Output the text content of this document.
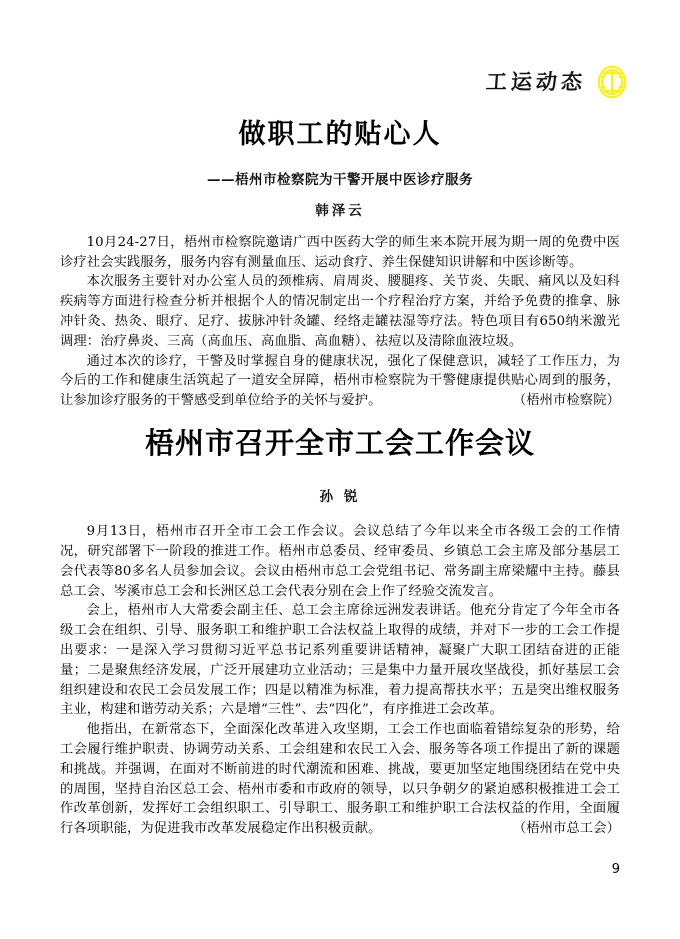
工运动态
做职工的贴心人

——梧州市检察院为干警开展中医诊疗服务

韩泽云

10月24-27日，梧州市检察院邀请广西中医药大学的师生来本院开展为期一周的免费中医诊疗社会实践服务，服务内容有测量血压、运动食疗、养生保健知识讲解和中医诊断等。

本次服务主要针对办公室人员的颈椎病、肩周炎、腰腿疼、关节炎、失眠、痛风以及妇科疾病等方面进行检查分析并根据个人的情况制定出一个疗程治疗方案，并给予免费的推拿、脉冲针灸、热灸、眼疗、足疗、拔脉冲针灸罐、经络走罐祛湿等疗法。特色项目有650纳米激光调理：治疗鼻炎、三高（高血压、高血脂、高血糖）、祛痘以及清除血液垃圾。

通过本次的诊疗，干警及时掌握自身的健康状况，强化了保健意识，减轻了工作压力，为今后的工作和健康生活筑起了一道安全屏障，梧州市检察院为干警健康提供贴心周到的服务，让参加诊疗服务的干警感受到单位给予的关怀与爱护。	（梧州市检察院）

梧州市召开全市工会工作会议

孙 锐

9月13日，梧州市召开全市工会工作会议。会议总结了今年以来全市各级工会的工作情况，研究部署下一阶段的推进工作。梧州市总委员、经审委员、乡镇总工会主席及部分基层工会代表等80多名人员参加会议。会议由梧州市总工会党组书记、常务副主席梁耀中主持。藤县总工会、岑溪市总工会和长洲区总工会代表分别在会上作了经验交流发言。

会上，梧州市人大常委会副主任、总工会主席徐远洲发表讲话。他充分肯定了今年全市各级工会在组织、引导、服务职工和维护职工合法权益上取得的成绩，并对下一步的工会工作提出要求：一是深入学习贯彻习近平总书记系列重要讲话精神，凝聚广大职工团结奋进的正能量；二是聚焦经济发展，广泛开展建功立业活动；三是集中力量开展攻坚战役，抓好基层工会组织建设和农民工会员发展工作；四是以精准为标准，着力提高帮扶水平；五是突出维权服务主业，构建和谐劳动关系；六是增“三性”、去“四化”，有序推进工会改革。

他指出，在新常态下，全面深化改革进入攻坚期，工会工作也面临着错综复杂的形势，给工会履行维护职责、协调劳动关系、工会组建和农民工入会、服务等各项工作提出了新的课题和挑战。并强调，在面对不断前进的时代潮流和困难、挑战，要更加坚定地围绕团结在党中央的周围，坚持自治区总工会、梧州市委和市政府的领导，以只争朝夕的紧迫感积极推进工会工作改革创新，发挥好工会组织职工、引导职工、服务职工和维护职工合法权益的作用，全面履行各项职能，为促进我市改革发展稳定作出积极贡献。	（梧州市总工会）

9
